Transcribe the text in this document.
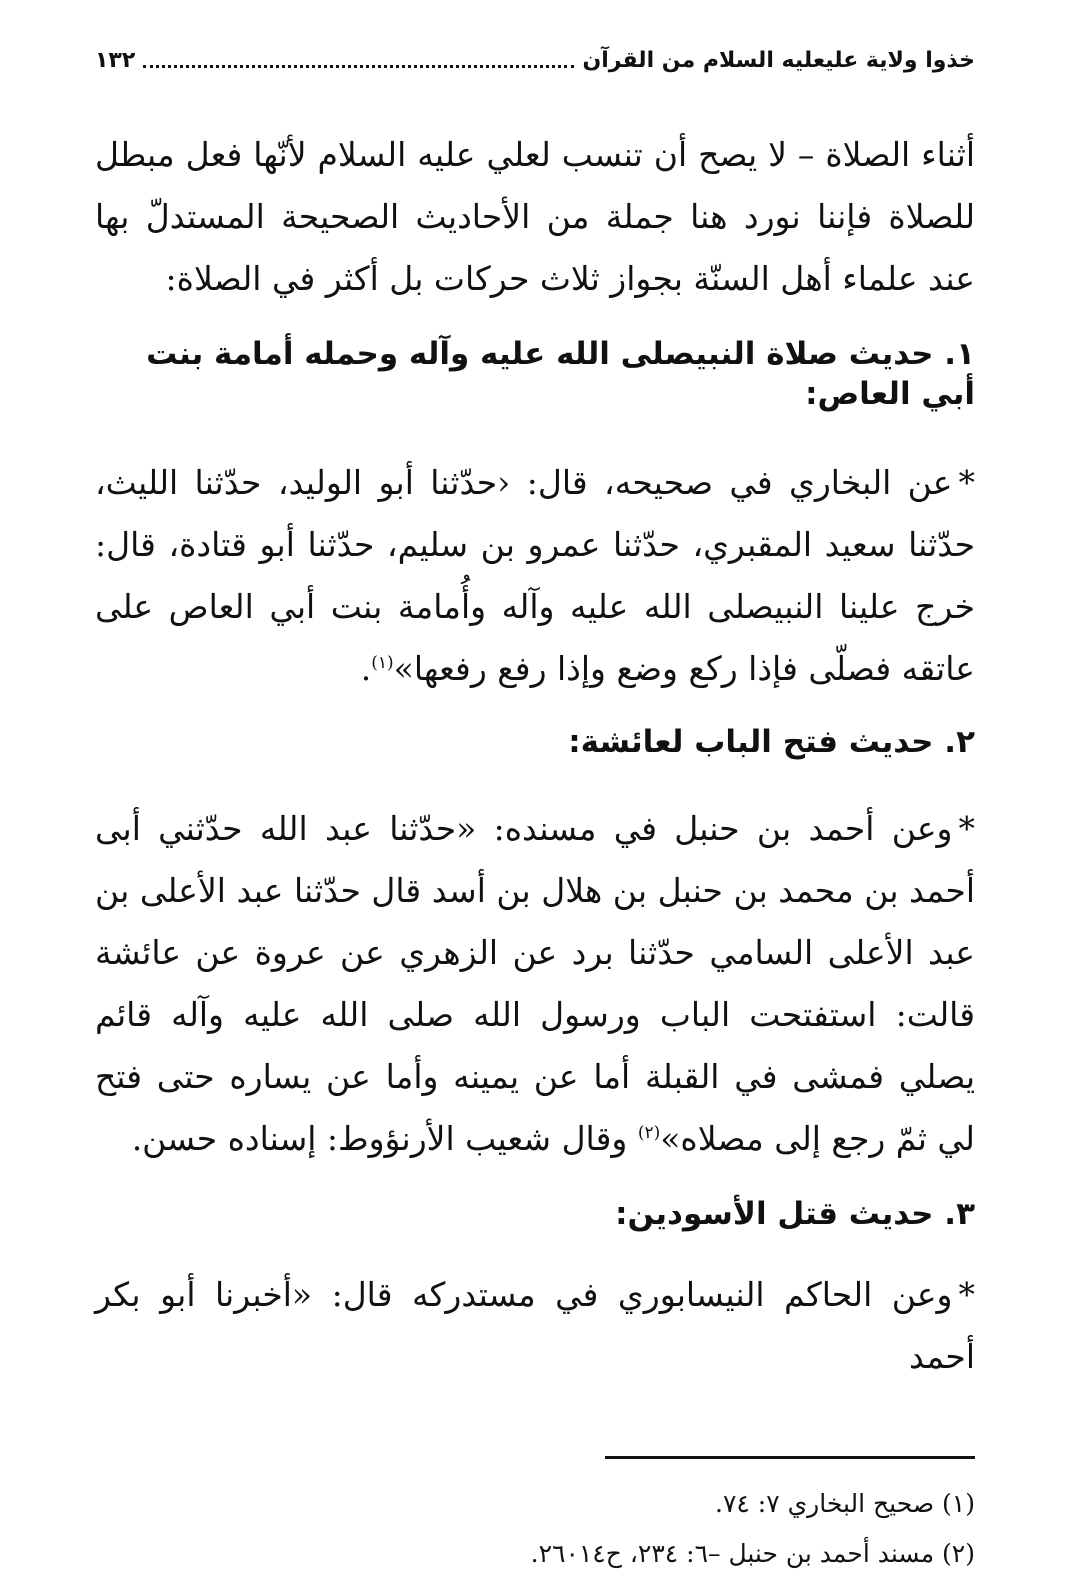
خذوا ولاية علي‏‏عليه السلام من القرآن
١٣٢

أثناء الصلاة – لا يصح أن تنسب لعلي ‏عليه السلام لأنّها فعل مبطل للصلاة فإننا نورد هنا جملة من الأحاديث الصحيحة المستدلّ بها عند علماء أهل السنّة بجواز ثلاث حركات بل أكثر في الصلاة:

١. حديث صلاة النبي‏صلى الله عليه وآله وحمله أمامة بنت أبي العاص:

*عن البخاري في صحيحه، قال: ‹حدّثنا أبو الوليد، حدّثنا الليث، حدّثنا سعيد المقبري، حدّثنا عمرو بن سليم، حدّثنا أبو قتادة، قال: خرج علينا النبي‏صلى الله عليه وآله وأُمامة بنت أبي العاص على عاتقه فصلّى فإذا ركع وضع وإذا رفع رفعها»$^{(١)}$.

٢. حديث فتح الباب لعائشة:

*وعن أحمد بن حنبل في مسنده: «حدّثنا عبد الله حدّثني أبى أحمد بن محمد بن حنبل بن هلال بن أسد قال حدّثنا عبد الأعلى بن عبد الأعلى السامي حدّثنا برد عن الزهري عن عروة عن عائشة قالت: استفتحت الباب ورسول الله صلى الله عليه وآله قائم يصلي فمشى في القبلة أما عن يمينه وأما عن يساره حتى فتح لي ثمّ رجع إلى مصلاه»$^{(٢)}$ وقال شعيب الأرنؤوط: إسناده حسن.

٣. حديث قتل الأسودين:

*وعن الحاكم النيسابوري في مستدركه قال: «أخبرنا أبو بكر أحمد

(١) صحيح البخاري ٧: ٧٤.

(٢) مسند أحمد بن حنبل –٦: ٢٣٤، ح٢٦٠١٤.
